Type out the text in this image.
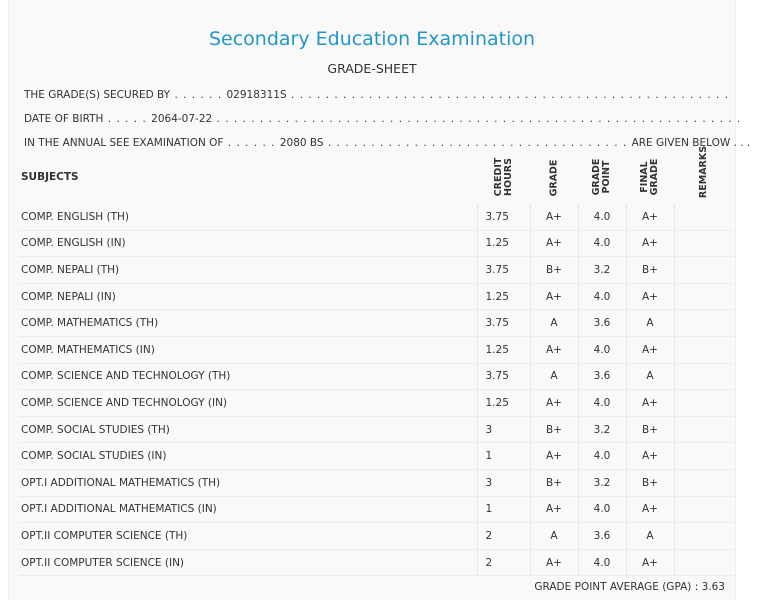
Secondary Education Examination
GRADE-SHEET
THE GRADE(S) SECURED BY . . . . . . 02918311S . . . . . . . . . . . . . . . . . . . . . . . . . . . . . . . . . . . . . . . . . . . . . . . . . . .
DATE OF BIRTH . . . . . 2064-07-22 . . . . . . . . . . . . . . . . . . . . . . . . . . . . . . . . . . . . . . . . . . . . . . . . . . . . . . . . . . . . .
IN THE ANNUAL SEE EXAMINATION OF . . . . . . 2080 BS . . . . . . . . . . . . . . . . . . . . . . . . . . . . . . . . . . . ARE GIVEN BELOW . . .
SUBJECTS	CREDIT HOURS	GRADE	GRADE POINT	FINAL GRADE	REMARKS
COMP. ENGLISH (TH)	3.75	A+	4.0	A+	
COMP. ENGLISH (IN)	1.25	A+	4.0	A+	
COMP. NEPALI (TH)	3.75	B+	3.2	B+	
COMP. NEPALI (IN)	1.25	A+	4.0	A+	
COMP. MATHEMATICS (TH)	3.75	A	3.6	A	
COMP. MATHEMATICS (IN)	1.25	A+	4.0	A+	
COMP. SCIENCE AND TECHNOLOGY (TH)	3.75	A	3.6	A	
COMP. SCIENCE AND TECHNOLOGY (IN)	1.25	A+	4.0	A+	
COMP. SOCIAL STUDIES (TH)	3	B+	3.2	B+	
COMP. SOCIAL STUDIES (IN)	1	A+	4.0	A+	
OPT.I ADDITIONAL MATHEMATICS (TH)	3	B+	3.2	B+	
OPT.I ADDITIONAL MATHEMATICS (IN)	1	A+	4.0	A+	
OPT.II COMPUTER SCIENCE (TH)	2	A	3.6	A	
OPT.II COMPUTER SCIENCE (IN)	2	A+	4.0	A+	
GRADE POINT AVERAGE (GPA) : 3.63
